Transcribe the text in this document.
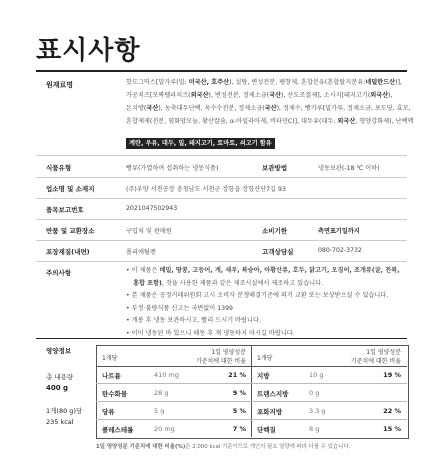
표시사항
원재료명	핫도그믹스[밀가루(밀: 미국산, 호주산), 설탕, 변성전분, 팽창제, 혼합분유(혼합탈지분유:네덜란드산)],
가공치즈[모짜렐라치즈(외국산), 변성전분, 정제소금(국산), 산도조절제], 소시지[돼지고기(외국산),
돈지방(국산), 농축대두단백, 옥수수전분, 정제소금(국산), 정제수, 빵가루[밀가루, 정제소금, 포도당, 효모,
혼합제제(전분, 염화암모늄, 황산칼슘, α-아밀라아제, 비타민C)], 대두유(대두: 외국산, 영양강화제), 난백액
계란, 우유, 대두, 밀, 돼지고기, 토마토, 쇠고기 함유
식품유형	빵류(가열하여 섭취하는 냉동식품)	보관방법	냉동보관(-18 ℃ 이하)
업소명 및 소재지	(주)우양 서천공장 충청남도 서천군 장항읍 장항산단7길 93
품목보고번호	2021047502943
반품 및 교환장소	구입처 및 판매원	소비기한	측면표기일까지
포장재질(내면)	폴리에틸렌	고객상담실	080-702-3732
주의사항
•	이 제품은 메밀, 땅콩, 고등어, 게, 새우, 복숭아, 아황산류, 호두, 닭고기, 오징어, 조개류(굴, 전복,
홍합 포함), 잣을 사용한 제품과 같은 제조시설에서 제조하고 있습니다.
• 본 제품은 공정거래위원회 고시 소비자 분쟁해결기준에 의거 교환 또는 보상받으실 수 있습니다.
• 부정·불량식품 신고는 국번없이 1399
• 개봉 후 냉동 보관하시고, 빨리 드시기 바랍니다.
• 이미 냉동된 바 있으니 해동 후 재 냉동하지 마시길 바랍니다.
영양정보
총 내용량
400 g
1개(80 g)당
235 kcal
1개당
1일 영양성분
기준치에 대한 비율 1개당
1일 영양성분
기준치에 대한 비율
나트륨	410 mg	21 %
탄수화물	28 g	9 %
당류	5 g	5 %
콜레스테롤	20 mg	7 %
지방	10 g	19 %
트랜스지방	0 g
포화지방	3.3 g	22 %
단백질	8 g	15 %
1일 영양성분 기준치에 대한 비율(%)은 2,000 kcal 기준이므로 개인의 필요 열량에 따라 다를 수 있습니다.
